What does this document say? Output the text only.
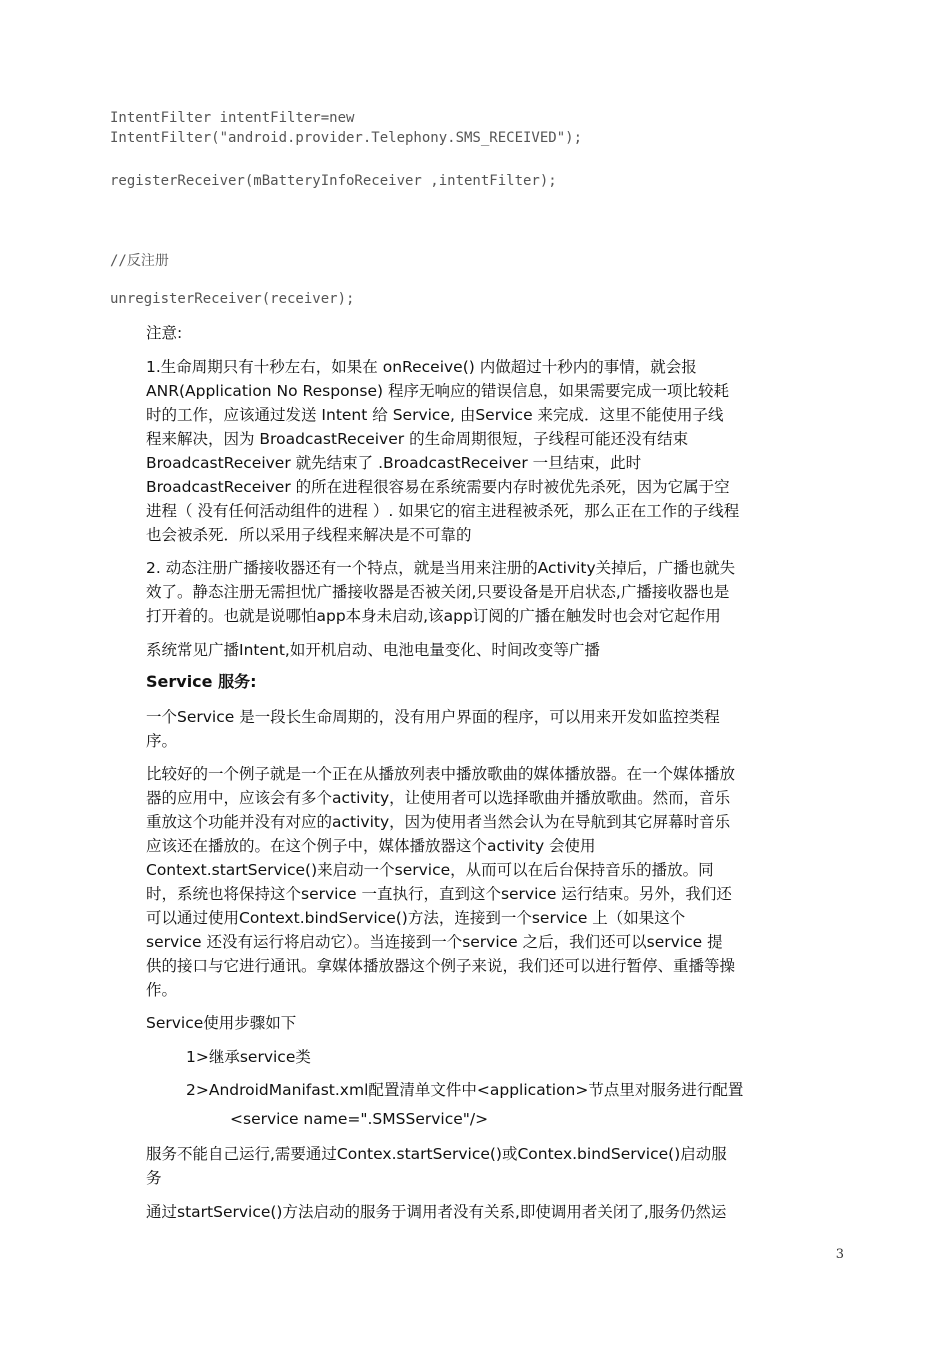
IntentFilter intentFilter=new
IntentFilter("android.provider.Telephony.SMS_RECEIVED");
registerReceiver(mBatteryInfoReceiver ,intentFilter);
//反注册
unregisterReceiver(receiver);
注意:
1.生命周期只有十秒左右，如果在 onReceive() 内做超过十秒内的事情，就会报
ANR(Application No Response) 程序无响应的错误信息，如果需要完成一项比较耗
时的工作，应该通过发送 Intent 给 Service, 由Service 来完成．这里不能使用子线
程来解决，因为 BroadcastReceiver 的生命周期很短，子线程可能还没有结束
BroadcastReceiver 就先结束了 .BroadcastReceiver 一旦结束，此时
BroadcastReceiver 的所在进程很容易在系统需要内存时被优先杀死，因为它属于空
进程（ 没有任何活动组件的进程 ）. 如果它的宿主进程被杀死，那么正在工作的子线程
也会被杀死．所以采用子线程来解决是不可靠的
2. 动态注册广播接收器还有一个特点，就是当用来注册的Activity关掉后，广播也就失
效了。静态注册无需担忧广播接收器是否被关闭,只要设备是开启状态,广播接收器也是
打开着的。也就是说哪怕app本身未启动,该app订阅的广播在触发时也会对它起作用
系统常见广播Intent,如开机启动、电池电量变化、时间改变等广播
Service 服务:
一个Service 是一段长生命周期的，没有用户界面的程序，可以用来开发如监控类程
序。
比较好的一个例子就是一个正在从播放列表中播放歌曲的媒体播放器。在一个媒体播放
器的应用中，应该会有多个activity，让使用者可以选择歌曲并播放歌曲。然而，音乐
重放这个功能并没有对应的activity，因为使用者当然会认为在导航到其它屏幕时音乐
应该还在播放的。在这个例子中，媒体播放器这个activity 会使用
Context.startService()来启动一个service，从而可以在后台保持音乐的播放。同
时，系统也将保持这个service 一直执行，直到这个service 运行结束。另外，我们还
可以通过使用Context.bindService()方法，连接到一个service 上（如果这个
service 还没有运行将启动它）。当连接到一个service 之后，我们还可以service 提
供的接口与它进行通讯。拿媒体播放器这个例子来说，我们还可以进行暂停、重播等操
作。
Service使用步骤如下
1>继承service类
2>AndroidManifast.xml配置清单文件中<application>节点里对服务进行配置
<service name=".SMSService"/>
服务不能自己运行,需要通过Contex.startService()或Contex.bindService()启动服
务
通过startService()方法启动的服务于调用者没有关系,即使调用者关闭了,服务仍然运
3
